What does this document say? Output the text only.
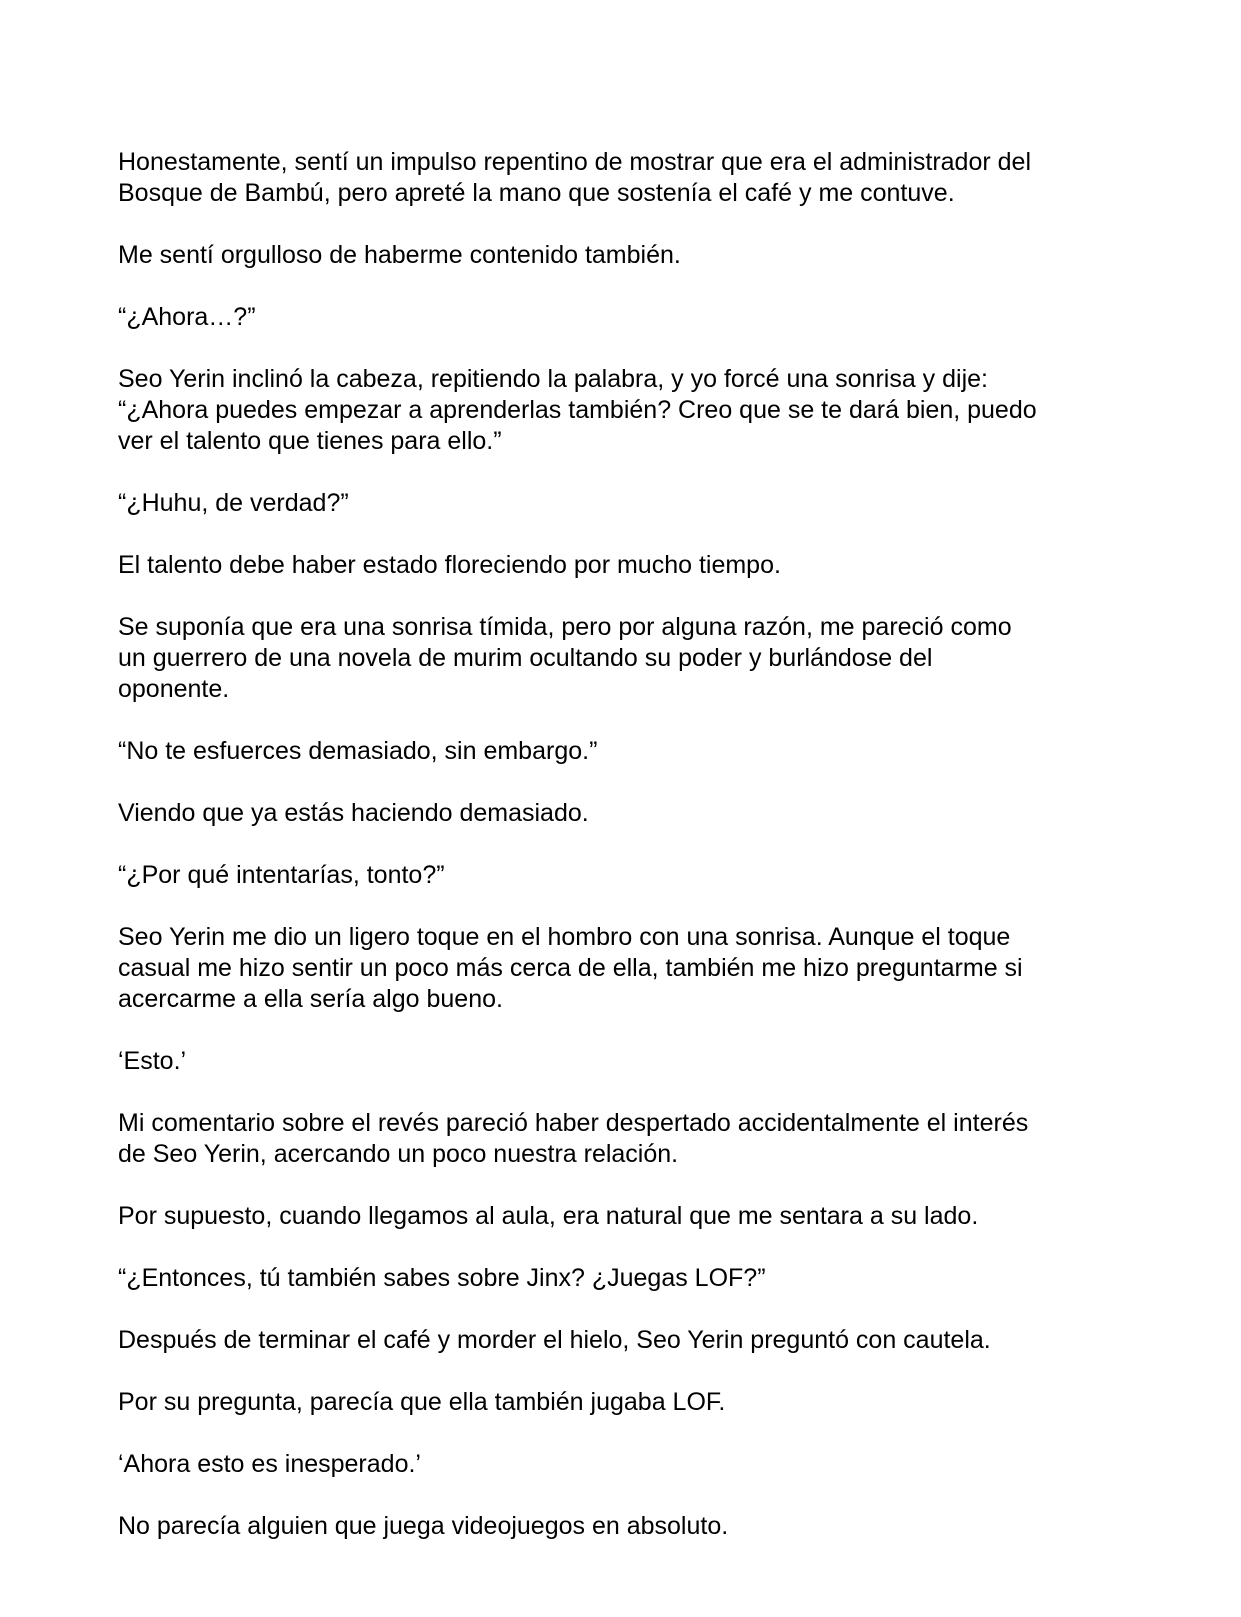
Honestamente, sentí un impulso repentino de mostrar que era el administrador del
Bosque de Bambú, pero apreté la mano que sostenía el café y me contuve.

Me sentí orgulloso de haberme contenido también.

“¿Ahora…?”

Seo Yerin inclinó la cabeza, repitiendo la palabra, y yo forcé una sonrisa y dije:
“¿Ahora puedes empezar a aprenderlas también? Creo que se te dará bien, puedo
ver el talento que tienes para ello.”

“¿Huhu, de verdad?”

El talento debe haber estado floreciendo por mucho tiempo.

Se suponía que era una sonrisa tímida, pero por alguna razón, me pareció como
un guerrero de una novela de murim ocultando su poder y burlándose del
oponente.

“No te esfuerces demasiado, sin embargo.”

Viendo que ya estás haciendo demasiado.

“¿Por qué intentarías, tonto?”

Seo Yerin me dio un ligero toque en el hombro con una sonrisa. Aunque el toque
casual me hizo sentir un poco más cerca de ella, también me hizo preguntarme si
acercarme a ella sería algo bueno.

‘Esto.’

Mi comentario sobre el revés pareció haber despertado accidentalmente el interés
de Seo Yerin, acercando un poco nuestra relación.

Por supuesto, cuando llegamos al aula, era natural que me sentara a su lado.

“¿Entonces, tú también sabes sobre Jinx? ¿Juegas LOF?”

Después de terminar el café y morder el hielo, Seo Yerin preguntó con cautela.

Por su pregunta, parecía que ella también jugaba LOF.

‘Ahora esto es inesperado.’

No parecía alguien que juega videojuegos en absoluto.
